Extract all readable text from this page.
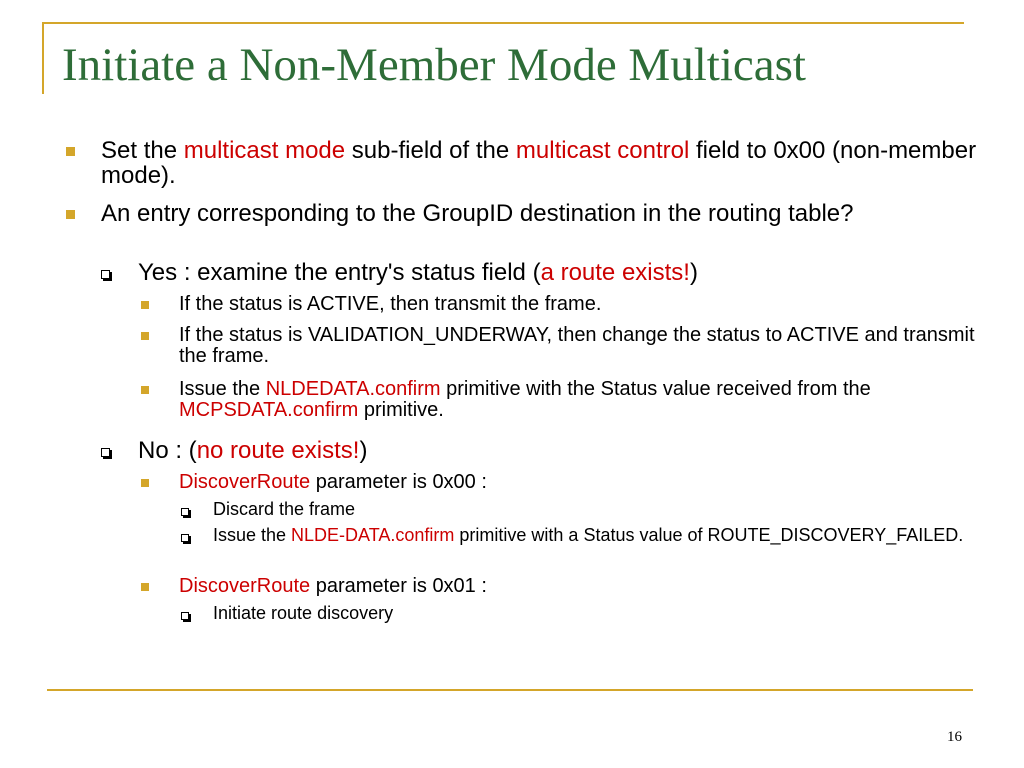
Initiate a Non-Member Mode Multicast
Set the multicast mode sub-field of the multicast control field to 0x00 (non-member mode).
An entry corresponding to the GroupID destination in the routing table?
Yes : examine the entry's status field (a route exists!)
If the status is ACTIVE, then transmit the frame.
If the status is VALIDATION_UNDERWAY, then change the status to ACTIVE and transmit the frame.
Issue the NLDEDATA.confirm primitive with the Status value received from the MCPSDATA.confirm primitive.
No : (no route exists!)
DiscoverRoute parameter is 0x00 :
Discard the frame
Issue the NLDE-DATA.confirm primitive with a Status value of ROUTE_DISCOVERY_FAILED.
DiscoverRoute parameter is 0x01 :
Initiate route discovery
16
